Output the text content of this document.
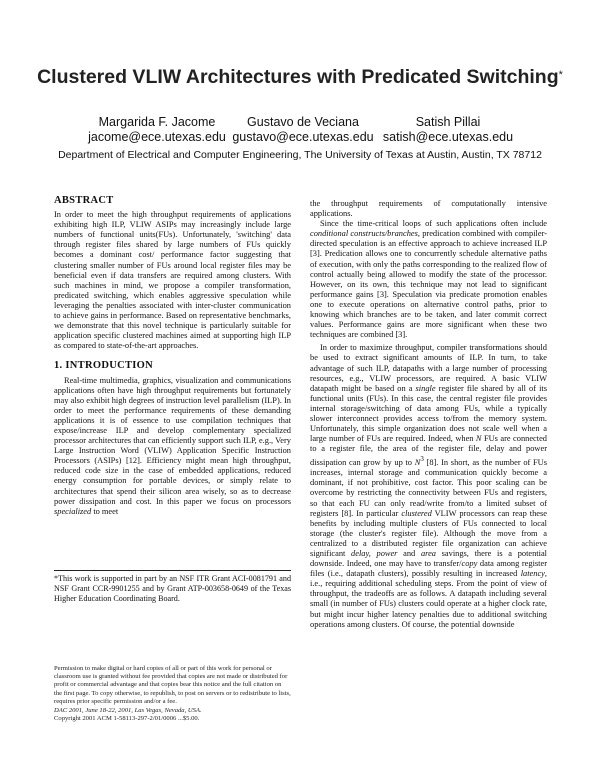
Clustered VLIW Architectures with Predicated Switching*
Margarida F. Jacome
jacome@ece.utexas.edu
Gustavo de Veciana
gustavo@ece.utexas.edu
Satish Pillai
satish@ece.utexas.edu
Department of Electrical and Computer Engineering, The University of Texas at Austin, Austin, TX 78712
ABSTRACT

In order to meet the high throughput requirements of applications exhibiting high ILP, VLIW ASIPs may increasingly include large numbers of functional units(FUs). Unfortunately, 'switching' data through register files shared by large numbers of FUs quickly becomes a dominant cost/ performance factor suggesting that clustering smaller number of FUs around local register files may be beneficial even if data transfers are required among clusters. With such machines in mind, we propose a compiler transformation, predicated switching, which enables aggressive speculation while leveraging the penalties associated with inter-cluster communication to achieve gains in performance. Based on representative benchmarks, we demonstrate that this novel technique is particularly suitable for application specific clustered machines aimed at supporting high ILP as compared to state-of-the-art approaches.

1. INTRODUCTION

Real-time multimedia, graphics, visualization and communications applications often have high throughput requirements but fortunately may also exhibit high degrees of instruction level parallelism (ILP). In order to meet the performance requirements of these demanding applications it is of essence to use compilation techniques that expose/increase ILP and develop complementary specialized processor architectures that can efficiently support such ILP, e.g., Very Large Instruction Word (VLIW) Application Specific Instruction Processors (ASIPs) [12]. Efficiency might mean high throughput, reduced code size in the case of embedded applications, reduced energy consumption for portable devices, or simply relate to architectures that spend their silicon area wisely, so as to decrease power dissipation and cost. In this paper we focus on processors specialized to meet

*This work is supported in part by an NSF ITR Grant ACI-0081791 and NSF Grant CCR-9901255 and by Grant ATP-003658-0649 of the Texas Higher Education Coordinating Board.

Permission to make digital or hard copies of all or part of this work for personal or classroom use is granted without fee provided that copies are not made or distributed for profit or commercial advantage and that copies bear this notice and the full citation on the first page. To copy otherwise, to republish, to post on servers or to redistribute to lists, requires prior specific permission and/or a fee.

DAC 2001, June 18-22, 2001, Las Vegas, Nevada, USA.

Copyright 2001 ACM 1-58113-297-2/01/0006 ...$5.00.

the throughput requirements of computationally intensive applications.

Since the time-critical loops of such applications often include conditional constructs/branches, predication combined with compiler-directed speculation is an effective approach to achieve increased ILP [3]. Predication allows one to concurrently schedule alternative paths of execution, with only the paths corresponding to the realized flow of control actually being allowed to modify the state of the processor. However, on its own, this technique may not lead to significant performance gains [3]. Speculation via predicate promotion enables one to execute operations on alternative control paths, prior to knowing which branches are to be taken, and later commit correct values. Performance gains are more significant when these two techniques are combined [3].

In order to maximize throughput, compiler transformations should be used to extract significant amounts of ILP. In turn, to take advantage of such ILP, datapaths with a large number of processing resources, e.g., VLIW processors, are required. A basic VLIW datapath might be based on a single register file shared by all of its functional units (FUs). In this case, the central register file provides internal storage/switching of data among FUs, while a typically slower interconnect provides access to/from the memory system. Unfortunately, this simple organization does not scale well when a large number of FUs are required. Indeed, when N FUs are connected to a register file, the area of the register file, delay and power dissipation can grow by up to $N^3$ [8]. In short, as the number of FUs increases, internal storage and communication quickly become a dominant, if not prohibitive, cost factor. This poor scaling can be overcome by restricting the connectivity between FUs and registers, so that each FU can only read/write from/to a limited subset of registers [8]. In particular clustered VLIW processors can reap these benefits by including multiple clusters of FUs connected to local storage (the cluster's register file). Although the move from a centralized to a distributed register file organization can achieve significant delay, power and area savings, there is a potential downside. Indeed, one may have to transfer/copy data among register files (i.e., datapath clusters), possibly resulting in increased latency, i.e., requiring additional scheduling steps. From the point of view of throughput, the tradeoffs are as follows. A datapath including several small (in number of FUs) clusters could operate at a higher clock rate, but might incur higher latency penalties due to additional switching operations among clusters. Of course, the potential downside
